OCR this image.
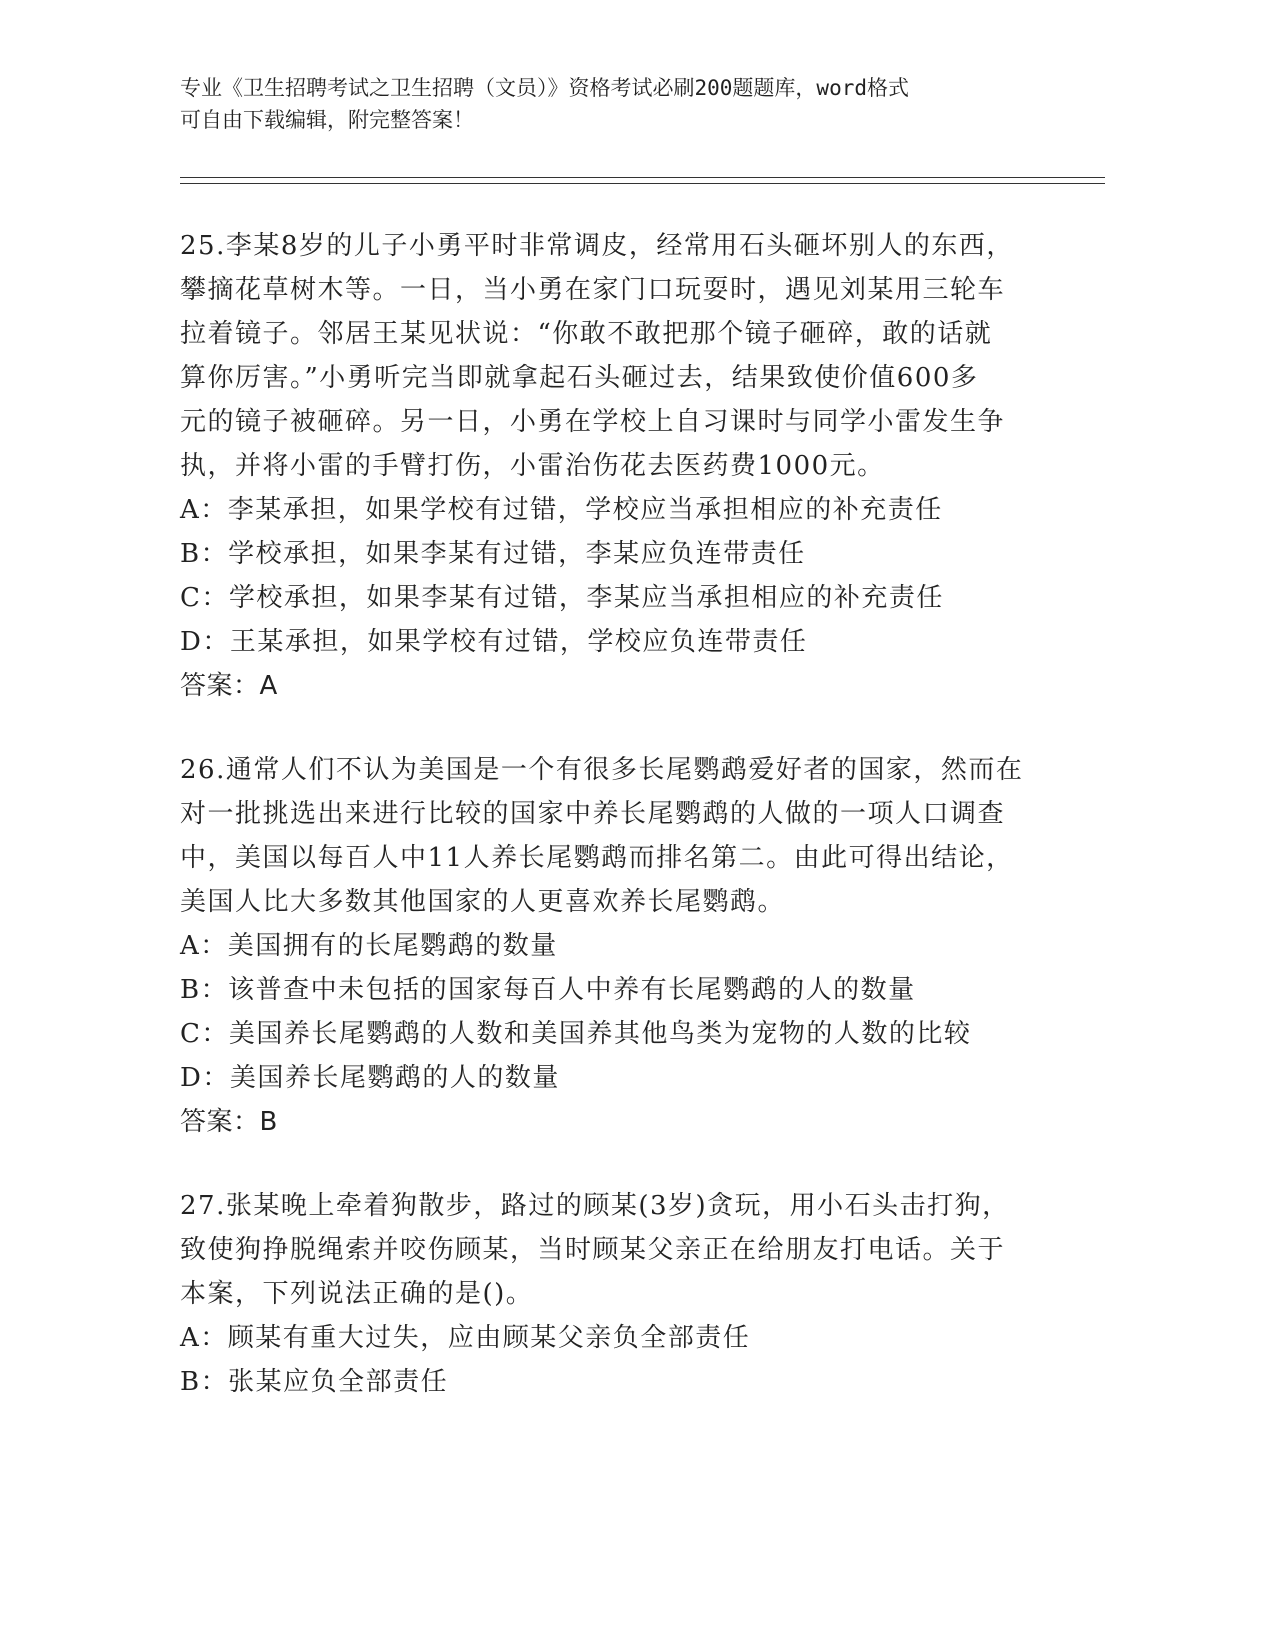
专业《卫生招聘考试之卫生招聘（文员）》资格考试必刷200题题库，word格式
可自由下载编辑，附完整答案！

25.李某8岁的儿子小勇平时非常调皮，经常用石头砸坏别人的东西，

攀摘花草树木等。一日，当小勇在家门口玩耍时，遇见刘某用三轮车

拉着镜子。邻居王某见状说：“你敢不敢把那个镜子砸碎，敢的话就

算你厉害。”小勇听完当即就拿起石头砸过去，结果致使价值600多

元的镜子被砸碎。另一日，小勇在学校上自习课时与同学小雷发生争

执，并将小雷的手臂打伤，小雷治伤花去医药费1000元。

A：李某承担，如果学校有过错，学校应当承担相应的补充责任

B：学校承担，如果李某有过错，李某应负连带责任

C：学校承担，如果李某有过错，李某应当承担相应的补充责任

D：王某承担，如果学校有过错，学校应负连带责任

答案：A

26.通常人们不认为美国是一个有很多长尾鹦鹉爱好者的国家，然而在

对一批挑选出来进行比较的国家中养长尾鹦鹉的人做的一项人口调查

中，美国以每百人中11人养长尾鹦鹉而排名第二。由此可得出结论，

美国人比大多数其他国家的人更喜欢养长尾鹦鹉。

A：美国拥有的长尾鹦鹉的数量

B：该普查中未包括的国家每百人中养有长尾鹦鹉的人的数量

C：美国养长尾鹦鹉的人数和美国养其他鸟类为宠物的人数的比较

D：美国养长尾鹦鹉的人的数量

答案：B

27.张某晚上牵着狗散步，路过的顾某(3岁)贪玩，用小石头击打狗，

致使狗挣脱绳索并咬伤顾某，当时顾某父亲正在给朋友打电话。关于

本案，下列说法正确的是()。

A：顾某有重大过失，应由顾某父亲负全部责任

B：张某应负全部责任
